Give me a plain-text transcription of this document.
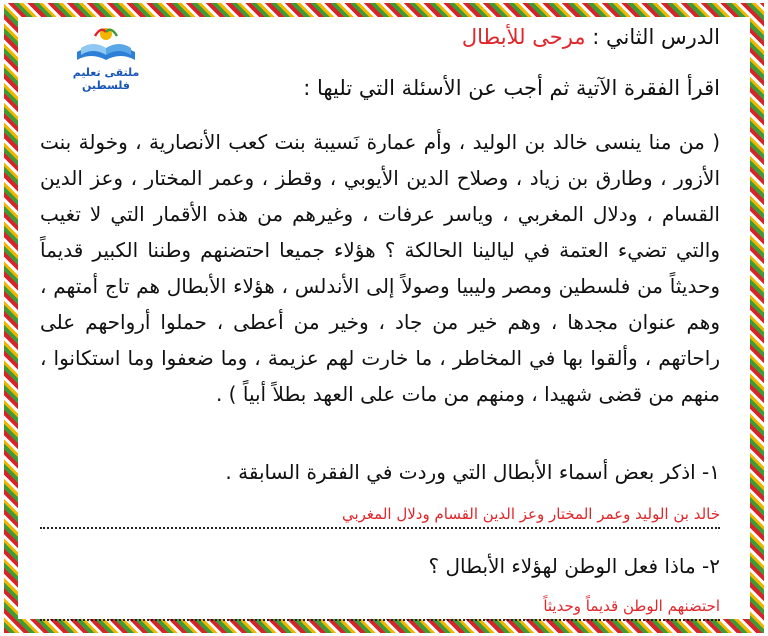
الدرس الثاني : مرحى للأبطال
ملتقى تعليم فلسطين	اقرأ الفقرة الآتية ثم أجب عن الأسئلة التي تليها :
( من منا ينسى خالد بن الوليد ، وأم عمارة نَسيبة بنت كعب الأنصارية ، وخولة بنت الأزور ، وطارق بن زياد ، وصلاح الدين الأيوبي ، وقطز ، وعمر المختار ، وعز الدين القسام ، ودلال المغربي ، وياسر عرفات ، وغيرهم من هذه الأقمار التي لا تغيب والتي تضيء العتمة في ليالينا الحالكة ؟ هؤلاء جميعا احتضنهم وطننا الكبير قديماً وحديثاً من فلسطين ومصر وليبيا وصولاً إلى الأندلس ، هؤلاء الأبطال هم تاج أمتهم ، وهم عنوان مجدها ، وهم خير من جاد ، وخير من أعطى ، حملوا أرواحهم على راحاتهم ، وألقوا بها في المخاطر ، ما خارت لهم عزيمة ، وما ضعفوا وما استكانوا ، منهم من قضى شهيدا ، ومنهم من مات على العهد بطلاً أبياً ) .
١- اذكر بعض أسماء الأبطال التي وردت في الفقرة السابقة .
خالد بن الوليد وعمر المختار وعز الدين القسام ودلال المغربي
٢- ماذا فعل الوطن لهؤلاء الأبطال ؟
احتضنهم الوطن قديماً وحديثاً
